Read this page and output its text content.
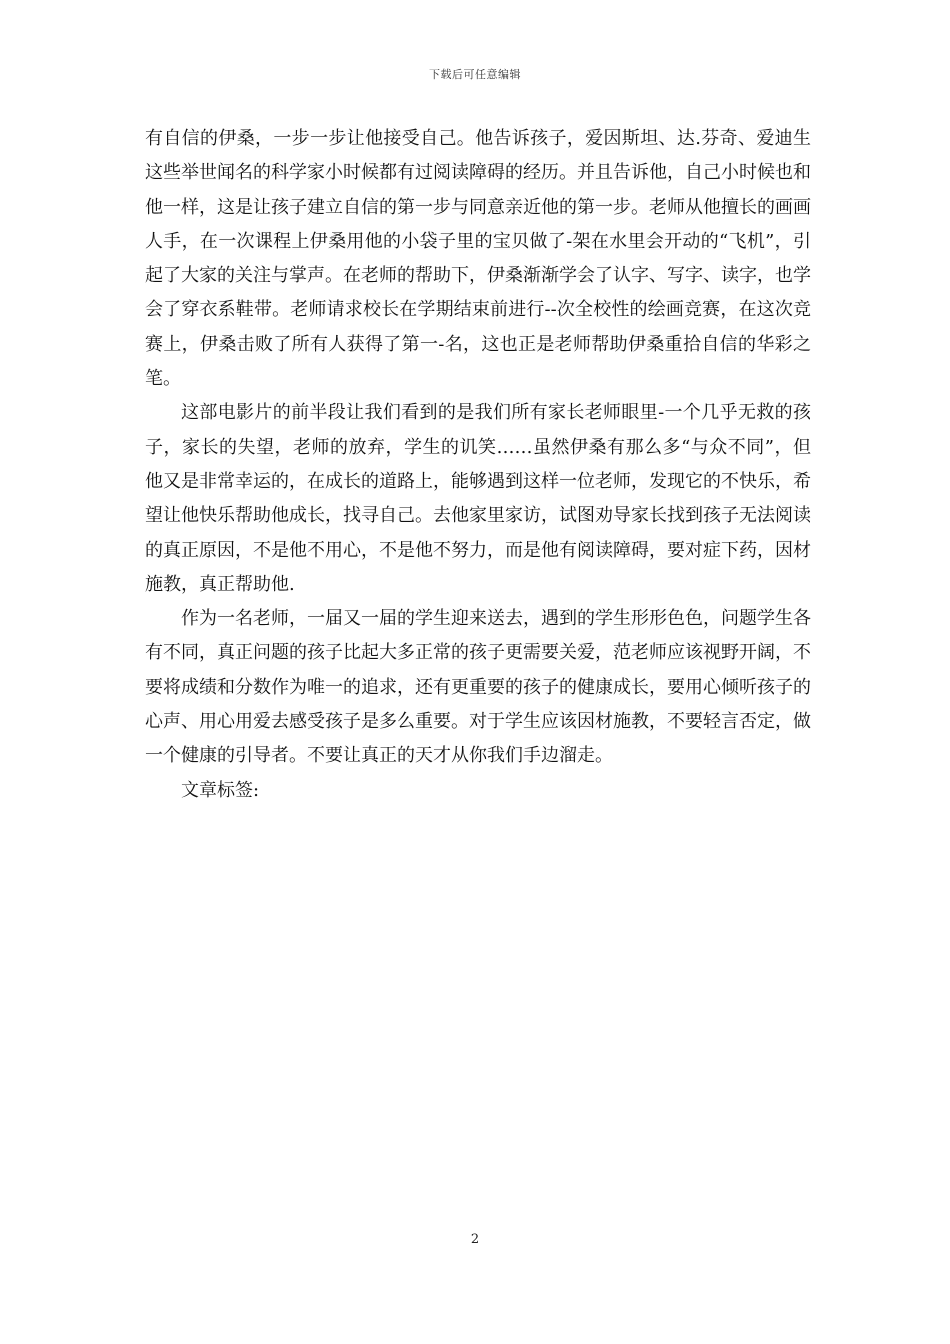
下载后可任意编辑

有自信的伊桑，一步一步让他接受自己。他告诉孩子，爱因斯坦、达.芬奇、爱迪生这些举世闻名的科学家小时候都有过阅读障碍的经历。并且告诉他，自己小时候也和他一样，这是让孩子建立自信的第一步与同意亲近他的第一步。老师从他擅长的画画人手，在一次课程上伊桑用他的小袋子里的宝贝做了-架在水里会开动的“飞机”，引起了大家的关注与掌声。在老师的帮助下，伊桑渐渐学会了认字、写字、读字，也学会了穿衣系鞋带。老师请求校长在学期结束前进行--次全校性的绘画竞赛，在这次竞赛上，伊桑击败了所有人获得了第一-名，这也正是老师帮助伊桑重拾自信的华彩之笔。

这部电影片的前半段让我们看到的是我们所有家长老师眼里-一个几乎无救的孩子，家长的失望，老师的放弃，学生的讥笑……虽然伊桑有那么多“与众不同”，但他又是非常幸运的，在成长的道路上，能够遇到这样一位老师，发现它的不快乐，希望让他快乐帮助他成长，找寻自己。去他家里家访，试图劝导家长找到孩子无法阅读的真正原因，不是他不用心，不是他不努力，而是他有阅读障碍，要对症下药，因材施教，真正帮助他.

作为一名老师，一届又一届的学生迎来送去，遇到的学生形形色色，问题学生各有不同，真正问题的孩子比起大多正常的孩子更需要关爱，范老师应该视野开阔，不要将成绩和分数作为唯一的追求，还有更重要的孩子的健康成长，要用心倾听孩子的心声、用心用爱去感受孩子是多么重要。对于学生应该因材施教，不要轻言否定，做一个健康的引导者。不要让真正的天才从你我们手边溜走。

文章标签:

2
